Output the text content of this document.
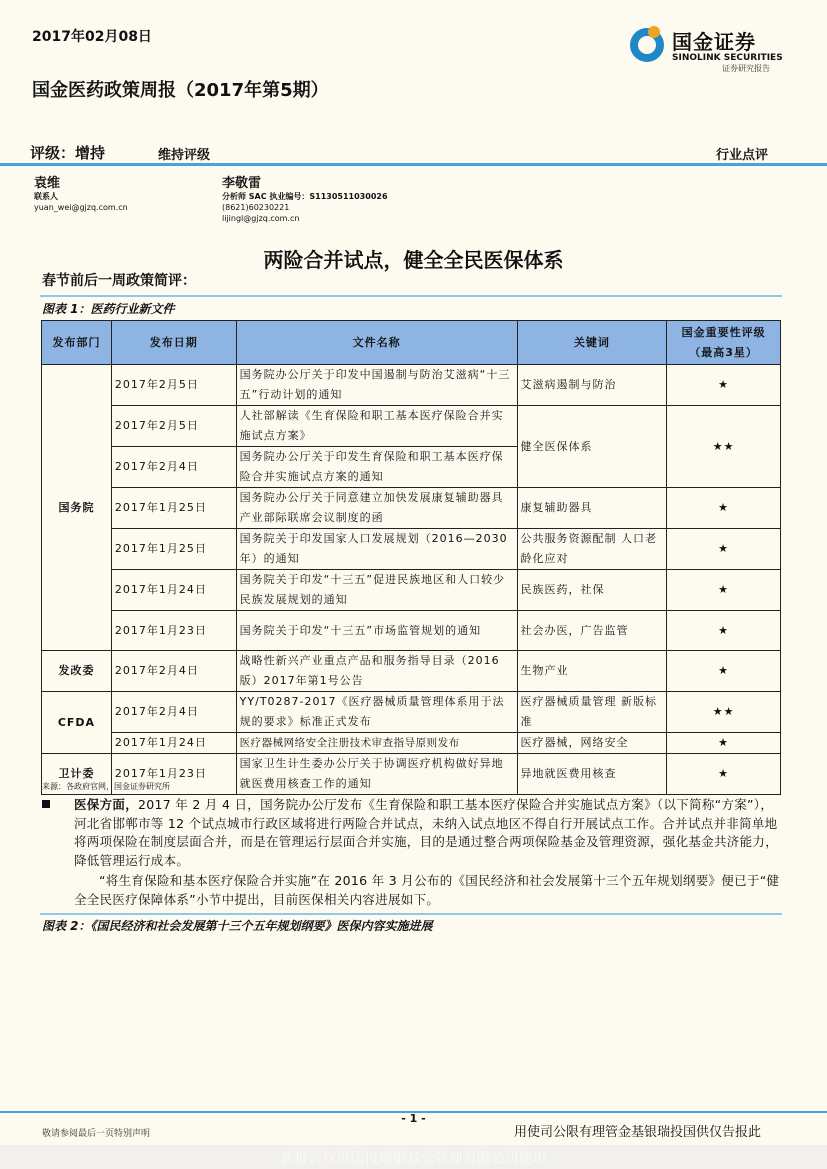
2017年02月08日	国金证券
SINOLINK SECURITIES
证券研究报告
国金医药政策周报（2017年第5期）
评级：增持	维持评级	行业点评
袁维
联系人
yuan_wei@gjzq.com.cn
李敬雷
分析师 SAC 执业编号：S1130511030026
(8621)60230221
lijingl@gjzq.com.cn
两险合并试点，健全全民医保体系
春节前后一周政策简评：
图表 1：医药行业新文件
发布部门	发布日期	文件名称	关键词	国金重要性评级（最高3星）
国务院	2017年2月5日	国务院办公厅关于印发中国遏制与防治艾滋病“十三五”行动计划的通知	艾滋病遏制与防治	★
	2017年2月5日	人社部解读《生育保险和职工基本医疗保险合并实施试点方案》	健全医保体系	★★
	2017年2月4日	国务院办公厅关于印发生育保险和职工基本医疗保险合并实施试点方案的通知		
	2017年1月25日	国务院办公厅关于同意建立加快发展康复辅助器具产业部际联席会议制度的函	康复辅助器具	★
	2017年1月25日	国务院关于印发国家人口发展规划（2016—2030年）的通知	公共服务资源配制 人口老龄化应对	★
	2017年1月24日	国务院关于印发“十三五”促进民族地区和人口较少民族发展规划的通知	民族医药，社保	★
	2017年1月23日	国务院关于印发“十三五”市场监管规划的通知	社会办医，广告监管	★
发改委	2017年2月4日	战略性新兴产业重点产品和服务指导目录（2016版）2017年第1号公告	生物产业	★
CFDA	2017年2月4日	YY/T0287-2017《医疗器械质量管理体系用于法规的要求》标准正式发布	医疗器械质量管理 新版标准	★★
	2017年1月24日	医疗器械网络安全注册技术审查指导原则发布	医疗器械，网络安全	★
卫计委	2017年1月23日	国家卫生计生委办公厅关于协调医疗机构做好异地就医费用核查工作的通知	异地就医费用核查	★
来源：各政府官网，国金证券研究所
医保方面，2017 年 2 月 4 日，国务院办公厅发布《生育保险和职工基本医疗保险合并实施试点方案》（以下简称“方案”），河北省邯郸市等 12 个试点城市行政区域将进行两险合并试点，未纳入试点地区不得自行开展试点工作。合并试点并非简单地将两项保险在制度层面合并，而是在管理运行层面合并实施，目的是通过整合两项保险基金及管理资源，强化基金共济能力，降低管理运行成本。
“将生育保险和基本医疗保险合并实施”在 2016 年 3 月公布的《国民经济和社会发展第十三个五年规划纲要》便已于“健全全民医疗保障体系”小节中提出，目前医保相关内容进展如下。
图表 2：《国民经济和社会发展第十三个五年规划纲要》医保内容实施进展
- 1 -
敬请参阅最后一页特别声明	用使司公限有理管金基银瑞投国供仅告报此
此报告仅供国投瑞银基金管理有限公司使用
